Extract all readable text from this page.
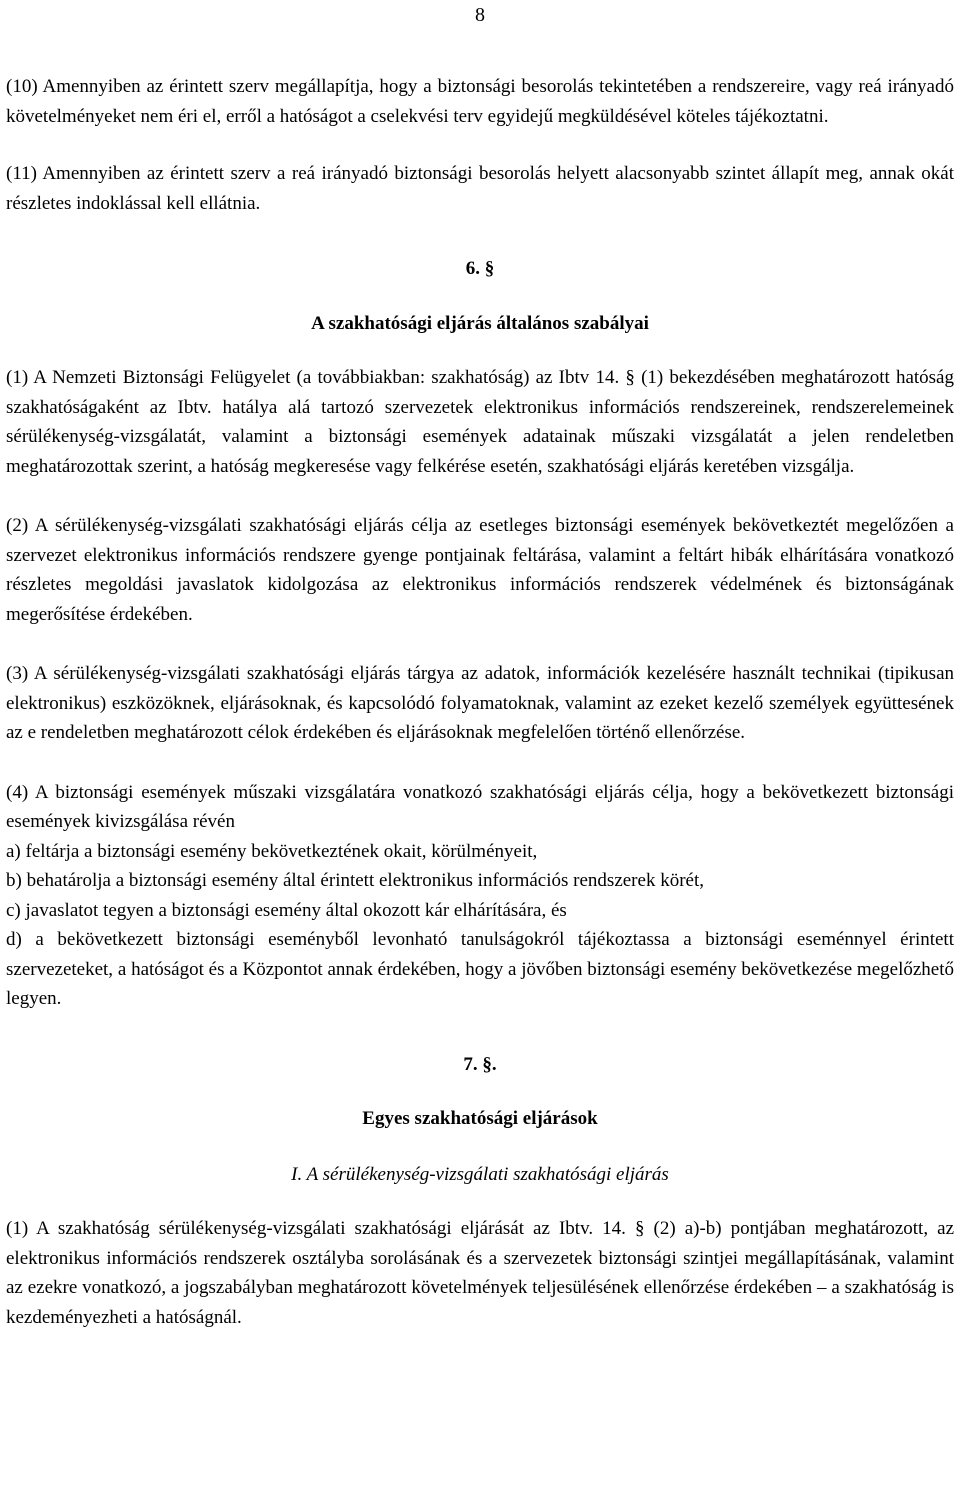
8

(10) Amennyiben az érintett szerv megállapítja, hogy a biztonsági besorolás tekintetében a rendszereire, vagy reá irányadó követelményeket nem éri el, erről a hatóságot a cselekvési terv egyidejű megküldésével köteles tájékoztatni.

(11) Amennyiben az érintett szerv a reá irányadó biztonsági besorolás helyett alacsonyabb szintet állapít meg, annak okát részletes indoklással kell ellátnia.

6. §

A szakhatósági eljárás általános szabályai

(1) A Nemzeti Biztonsági Felügyelet (a továbbiakban: szakhatóság) az Ibtv 14. § (1) bekezdésében meghatározott hatóság szakhatóságaként az Ibtv. hatálya alá tartozó szervezetek elektronikus információs rendszereinek, rendszerelemeinek sérülékenység-vizsgálatát, valamint a biztonsági események adatainak műszaki vizsgálatát a jelen rendeletben meghatározottak szerint, a hatóság megkeresése vagy felkérése esetén, szakhatósági eljárás keretében vizsgálja.

(2) A sérülékenység-vizsgálati szakhatósági eljárás célja az esetleges biztonsági események bekövetkeztét megelőzően a szervezet elektronikus információs rendszere gyenge pontjainak feltárása, valamint a feltárt hibák elhárítására vonatkozó részletes megoldási javaslatok kidolgozása az elektronikus információs rendszerek védelmének és biztonságának megerősítése érdekében.

(3) A sérülékenység-vizsgálati szakhatósági eljárás tárgya az adatok, információk kezelésére használt technikai (tipikusan elektronikus) eszközöknek, eljárásoknak, és kapcsolódó folyamatoknak, valamint az ezeket kezelő személyek együttesének az e rendeletben meghatározott célok érdekében és eljárásoknak megfelelően történő ellenőrzése.

(4) A biztonsági események műszaki vizsgálatára vonatkozó szakhatósági eljárás célja, hogy a bekövetkezett biztonsági események kivizsgálása révén

a) feltárja a biztonsági esemény bekövetkeztének okait, körülményeit,

b) behatárolja a biztonsági esemény által érintett elektronikus információs rendszerek körét,

c) javaslatot tegyen a biztonsági esemény által okozott kár elhárítására, és

d) a bekövetkezett biztonsági eseményből levonható tanulságokról tájékoztassa a biztonsági eseménnyel érintett szervezeteket, a hatóságot és a Központot annak érdekében, hogy a jövőben biztonsági esemény bekövetkezése megelőzhető legyen.

7. §.

Egyes szakhatósági eljárások

I. A sérülékenység-vizsgálati szakhatósági eljárás

(1) A szakhatóság sérülékenység-vizsgálati szakhatósági eljárását az Ibtv. 14. § (2) a)-b) pontjában meghatározott, az elektronikus információs rendszerek osztályba sorolásának és a szervezetek biztonsági szintjei megállapításának, valamint az ezekre vonatkozó, a jogszabályban meghatározott követelmények teljesülésének ellenőrzése érdekében – a szakhatóság is kezdeményezheti a hatóságnál.
